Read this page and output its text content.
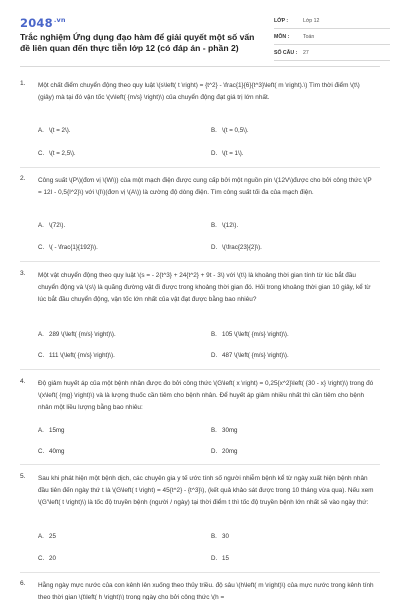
$2048^{.vn}$
Trắc nghiệm Ứng dụng đạo hàm để giải quyết một số vấn đề liên quan đến thực tiễn lớp 12 (có đáp án - phần 2)
LỚP :	Lớp 12
MÔN :	Toán
SỐ CÂU : 27
1. Một chất điểm chuyển động theo quy luật \(s\left( t \right) = {t^2} - \frac{1}{6}{t^3}\left( m \right).\) Tìm thời điểm \(t\) (giây) mà tại đó vận tốc \(v\left( {m/s} \right)\) của chuyển động đạt giá trị lớn nhất.
A. \(t = 2\).	B. \(t = 0,5\).
C. \(t = 2,5\).	D. \(t = 1\).
2. Công suất \(P\)(đơn vị \(W\)) của một mạch điện được cung cấp bởi một nguồn pin \(12V\)được cho bởi công thức \(P = 12I - 0,5{I^2}\) với \(I\)(đơn vị \(A\)) là cường độ dòng điện. Tìm công suất tối đa của mạch điện.
A. \(72\).	B. \(12\).
C. \( - \frac{1}{192}\).	D. \(\frac{23}{2}\).
3. Một vật chuyển động theo quy luật \(s = - 2{t^3} + 24{t^2} + 9t - 3\) với \(t\) là khoảng thời gian tính từ lúc bắt đầu chuyển động và \(s\) là quãng đường vật đi được trong khoảng thời gian đó. Hỏi trong khoảng thời gian 10 giây, kể từ lúc bắt đầu chuyển động, vận tốc lớn nhất của vật đạt được bằng bao nhiêu?
A. 289 \(\left( {m/s} \right)\).	B. 105 \(\left( {m/s} \right)\).
C. 111 \(\left( {m/s} \right)\).	D. 487 \(\left( {m/s} \right)\).
4. Độ giảm huyết áp của một bệnh nhân được đo bởi công thức \(G\left( x \right) = 0,25{x^2}\left( {30 - x} \right)\) trong đó \(x\left( {mg} \right)\) và là lượng thuốc cần tiêm cho bệnh nhân. Để huyết áp giảm nhiều nhất thì cần tiêm cho bệnh nhân một liều lượng bằng bao nhiêu:
A. 15mg	B. 30mg
C. 40mg	D. 20mg
5. Sau khi phát hiện một bệnh dịch, các chuyên gia y tế ước tính số người nhiễm bệnh kể từ ngày xuất hiện bệnh nhân đầu tiên đến ngày thứ t là \(G\left( t \right) = 45{t^2} - {t^3}\), (kết quả khảo sát được trong 10 tháng vừa qua). Nếu xem \(G'\left( t \right)\) là tốc độ truyền bệnh (người / ngày) tại thời điểm t thì tốc độ truyền bệnh lớn nhất sẽ vào ngày thứ:
A. 25	B. 30
C. 20	D. 15
6. Hằng ngày mực nước của con kênh lên xuống theo thủy triều. độ sâu \(h\left( m \right)\) của mực nước trong kênh tính theo thời gian \(t\left( h \right)\) trong ngày cho bởi công thức \(h =
